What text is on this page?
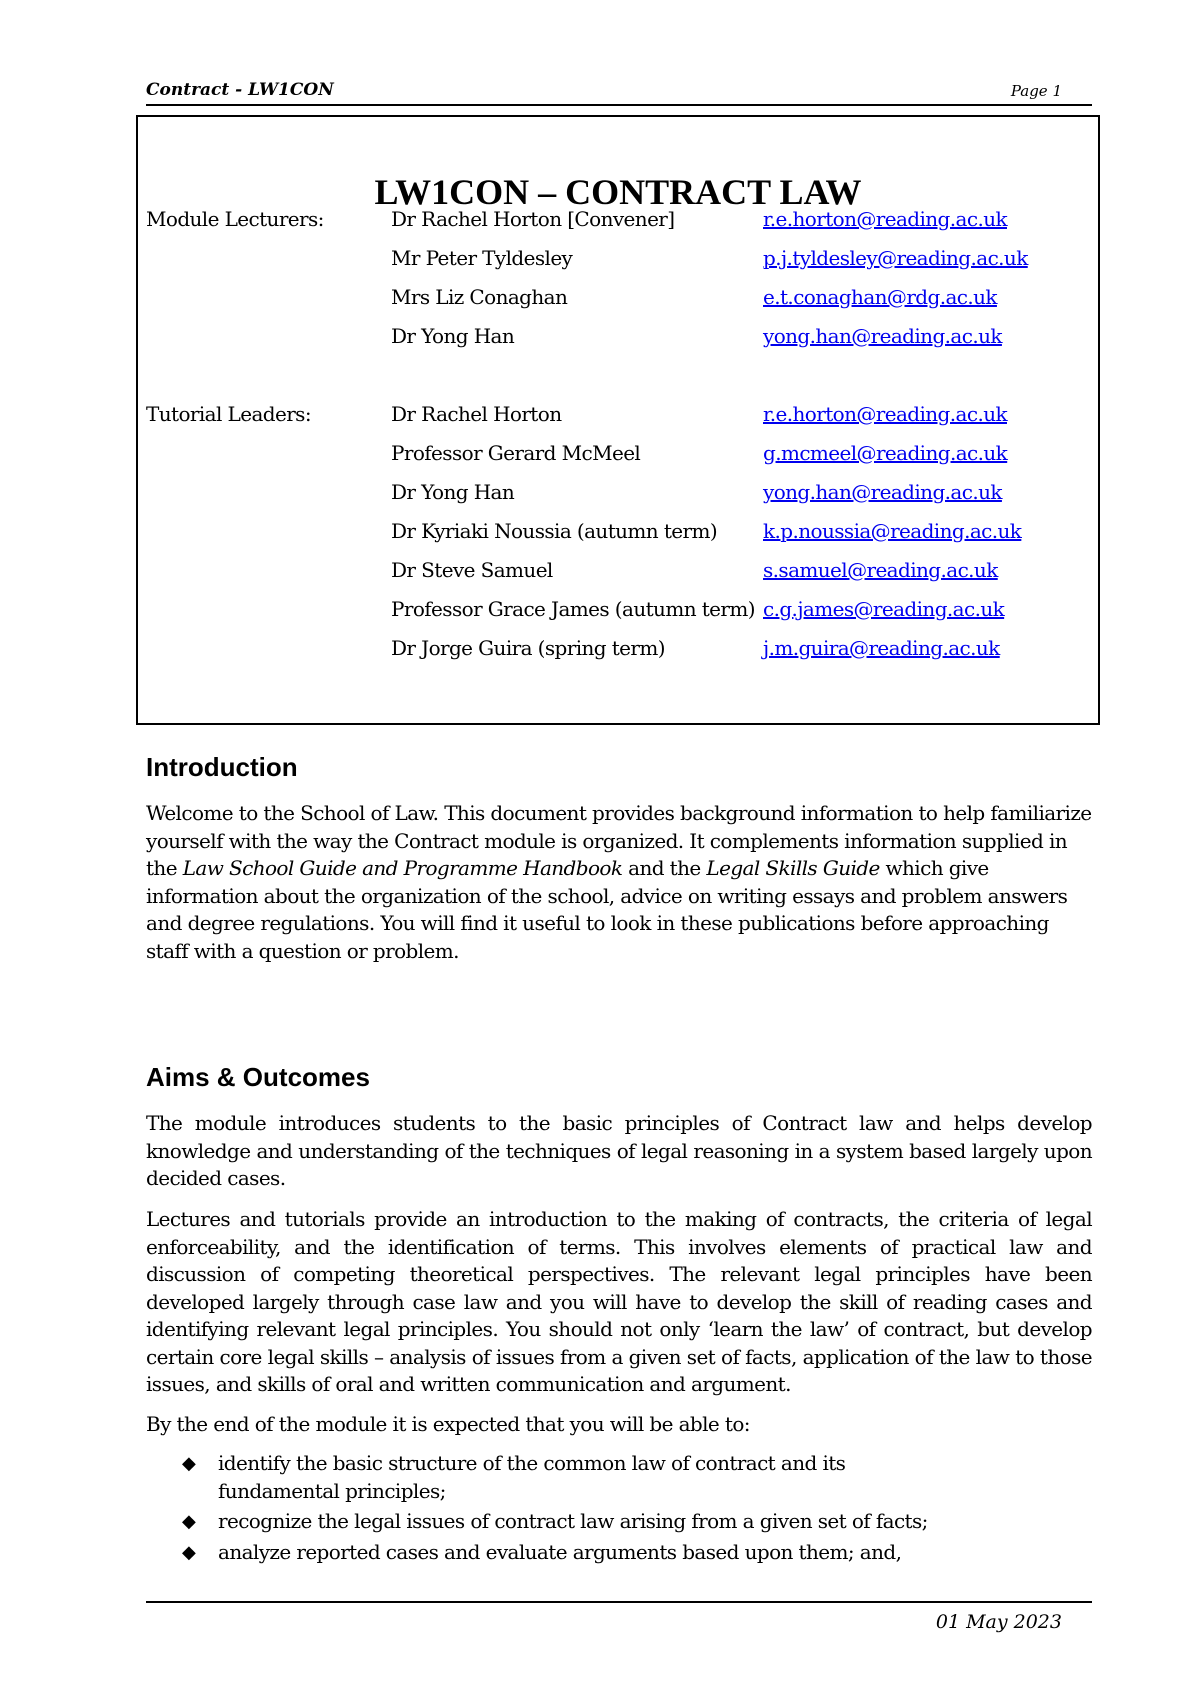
Contract - LW1CON	Page 1
LW1CON – CONTRACT LAW
Module Lecturers:	Dr Rachel Horton [Convener]	r.e.horton@reading.ac.uk
Mr Peter Tyldesley	p.j.tyldesley@reading.ac.uk
Mrs Liz Conaghan	e.t.conaghan@rdg.ac.uk
Dr Yong Han	yong.han@reading.ac.uk
Tutorial Leaders:	Dr Rachel Horton	r.e.horton@reading.ac.uk
Professor Gerard McMeel	g.mcmeel@reading.ac.uk
Dr Yong Han	yong.han@reading.ac.uk
Dr Kyriaki Noussia (autumn term) k.p.noussia@reading.ac.uk
Dr Steve Samuel	s.samuel@reading.ac.uk
Professor Grace James (autumn term) c.g.james@reading.ac.uk
Dr Jorge Guira (spring term)	j.m.guira@reading.ac.uk
Introduction

Welcome to the School of Law. This document provides background information to help familiarize yourself with the way the Contract module is organized. It complements information supplied in the Law School Guide and Programme Handbook and the Legal Skills Guide which give information about the organization of the school, advice on writing essays and problem answers and degree regulations. You will find it useful to look in these publications before approaching staff with a question or problem.

Aims & Outcomes

The module introduces students to the basic principles of Contract law and helps develop knowledge and understanding of the techniques of legal reasoning in a system based largely upon decided cases.

Lectures and tutorials provide an introduction to the making of contracts, the criteria of legal enforceability, and the identification of terms. This involves elements of practical law and discussion of competing theoretical perspectives. The relevant legal principles have been developed largely through case law and you will have to develop the skill of reading cases and identifying relevant legal principles. You should not only ‘learn the law’ of contract, but develop certain core legal skills – analysis of issues from a given set of facts, application of the law to those issues, and skills of oral and written communication and argument.

By the end of the module it is expected that you will be able to:

◆ identify the basic structure of the common law of contract and its fundamental principles;
◆ recognize the legal issues of contract law arising from a given set of facts;
◆ analyze reported cases and evaluate arguments based upon them; and,
01 May 2023
